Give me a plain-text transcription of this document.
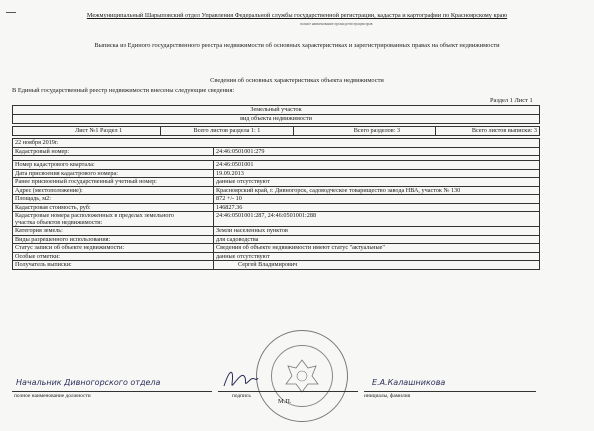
Межмуниципальный Шарыповский отдел Управления Федеральной службы государственной регистрации, кадастра и картографии по Красноярскому краю
полное наименование органа регистрации прав
Выписка из Единого государственного реестра недвижимости об основных характеристиках и зарегистрированных правах на объект недвижимости
Сведения об основных характеристиках объекта недвижимости
В Единый государственный реестр недвижимости внесены следующие сведения:
Раздел 1 Лист 1
Земельный участок
вид объекта недвижимости
Лист №1 Раздел 1	Всего листов раздела 1: 1	Всего разделов: 3	Всего листов выписки: 3
22 ноября 2019г.	
Кадастровый номер:	24:46:0501001:279

Номер кадастрового квартала:	24:46:0501001
Дата присвоения кадастрового номера:	19.09.2013
Ранее присвоенный государственный учетный номер:	данные отсутствуют
Адрес (местоположение):	Красноярский край, г. Дивногорск, садоводческое товарищество завода НВА, участок № 130
Площадь, м2:	872 +/- 10
Кадастровая стоимость, руб:	146827.36

Кадастровые номера расположенных в пределах земельного
участка объектов недвижимости:	24:46:0501001:287, 24:46:0501001:288
Категория земель:	Земли населенных пунктов
Виды разрешенного использования:	для садоводства
Статус записи об объекте недвижимости:	Сведения об объекте недвижимости имеют статус "актуальные"
Особые отметки:	данные отсутствуют
Получатель выписки:	Сергей Владимирович
Начальник Дивногорского отдела
полное наименование должности	подпись
Е.А.Калашникова
инициалы, фамилия
М.П.
